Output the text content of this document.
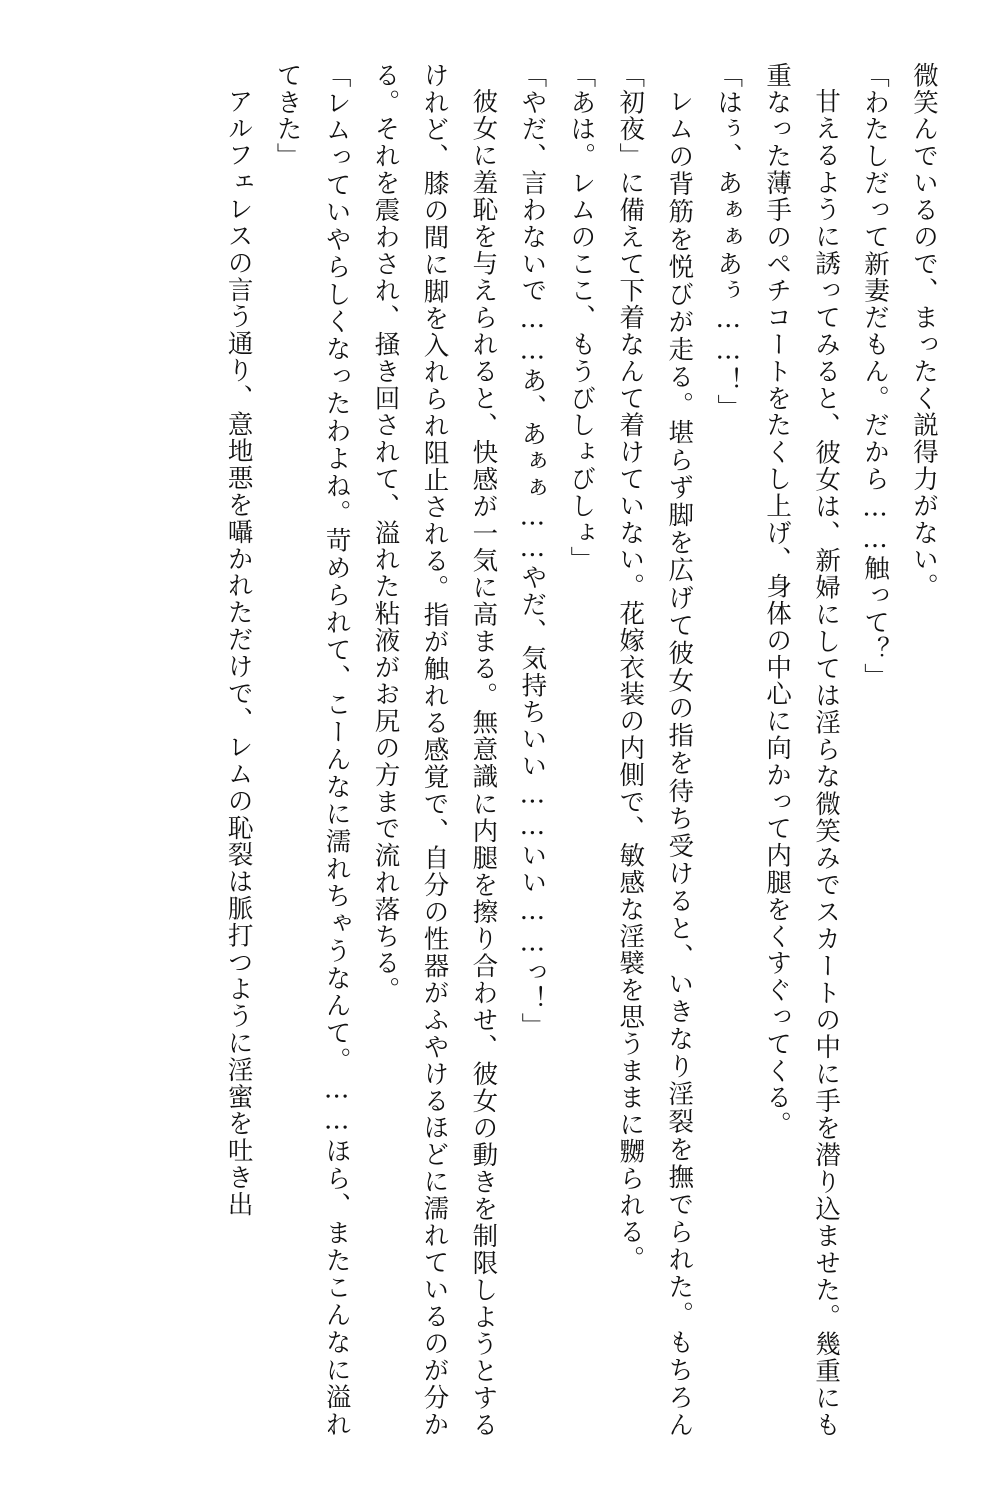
微笑んでいるので、まったく説得力がない。

「わたしだって新妻だもん。だから……触って？」

甘えるように誘ってみると、彼女は、新婦にしては淫らな微笑みでスカートの中に手を潜り込ませた。幾重にも重なった薄手のペチコートをたくし上げ、身体の中心に向かって内腿をくすぐってくる。

「はぅ、あぁぁあぅ……！」

レムの背筋を悦びが走る。堪らず脚を広げて彼女の指を待ち受けると、いきなり淫裂を撫でられた。もちろん「初夜」に備えて下着なんて着けていない。花嫁衣装の内側で、敏感な淫襞を思うままに嬲られる。

「あは。レムのここ、もうびしょびしょ」

「やだ、言わないで……あ、あぁぁ……やだ、気持ちいい……いい……っ！」

彼女に羞恥を与えられると、快感が一気に高まる。無意識に内腿を擦り合わせ、彼女の動きを制限しようとするけれど、膝の間に脚を入れられ阻止される。指が触れる感覚で、自分の性器がふやけるほどに濡れているのが分かる。それを震わされ、掻き回されて、溢れた粘液がお尻の方まで流れ落ちる。

「レムっていやらしくなったわよね。苛められて、こーんなに濡れちゃうなんて。……ほら、またこんなに溢れてきた」

アルフェレスの言う通り、意地悪を囁かれただけで、レムの恥裂は脈打つように淫蜜を吐き出
